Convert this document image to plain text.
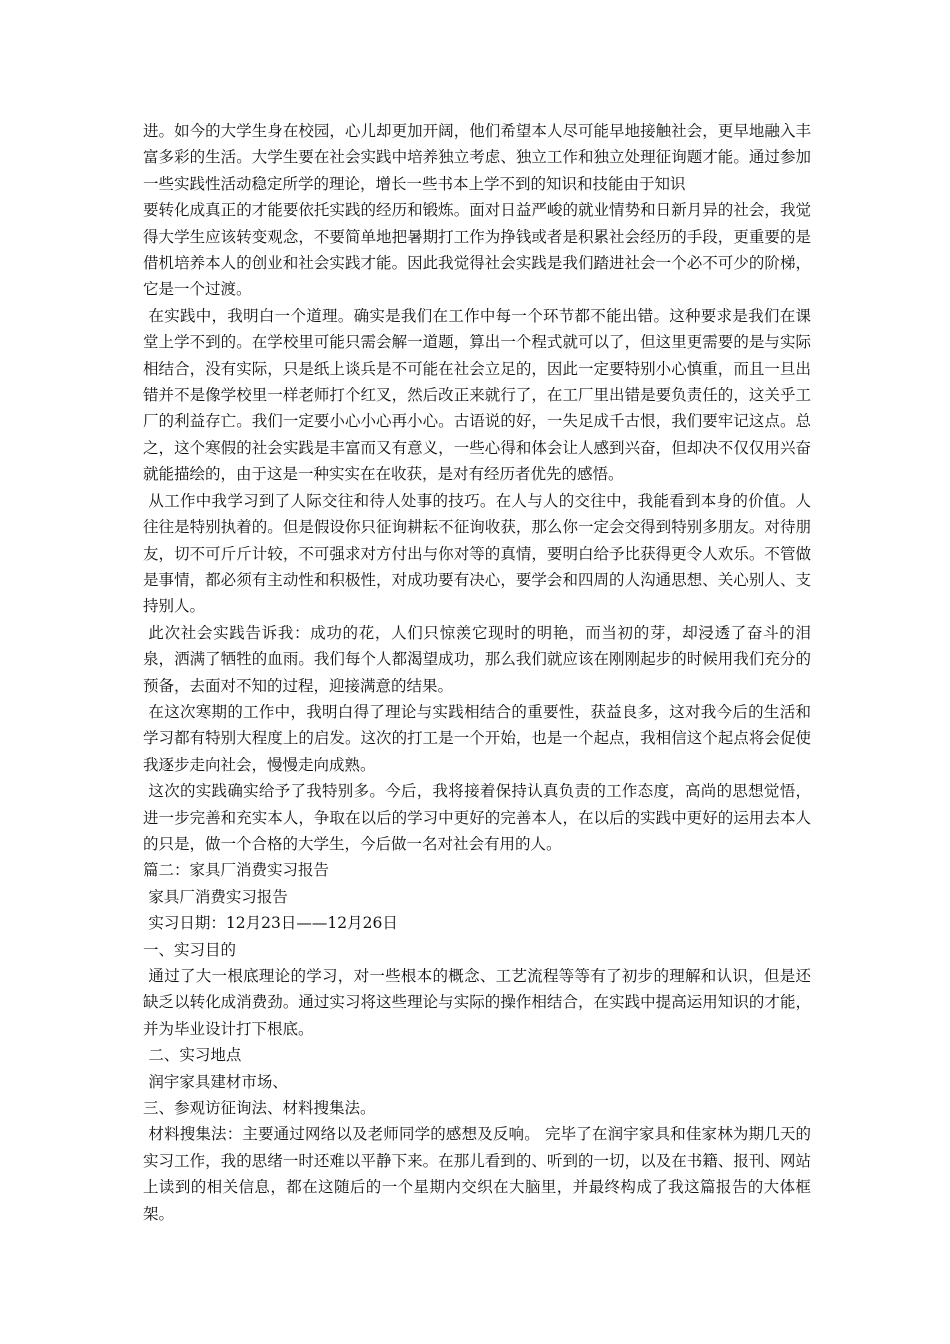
进。如今的大学生身在校园，心儿却更加开阔，他们希望本人尽可能早地接触社会，更早地融入丰富多彩的生活。大学生要在社会实践中培养独立考虑、独立工作和独立处理征询题才能。通过参加一些实践性活动稳定所学的理论，增长一些书本上学不到的知识和技能由于知识

要转化成真正的才能要依托实践的经历和锻炼。面对日益严峻的就业情势和日新月异的社会，我觉得大学生应该转变观念，不要简单地把暑期打工作为挣钱或者是积累社会经历的手段，更重要的是借机培养本人的创业和社会实践才能。因此我觉得社会实践是我们踏进社会一个必不可少的阶梯，它是一个过渡。

在实践中，我明白一个道理。确实是我们在工作中每一个环节都不能出错。这种要求是我们在课堂上学不到的。在学校里可能只需会解一道题，算出一个程式就可以了，但这里更需要的是与实际相结合，没有实际，只是纸上谈兵是不可能在社会立足的，因此一定要特别小心慎重，而且一旦出错并不是像学校里一样老师打个红叉，然后改正来就行了，在工厂里出错是要负责任的，这关乎工厂的利益存亡。我们一定要小心小心再小心。古语说的好，一失足成千古恨，我们要牢记这点。总之，这个寒假的社会实践是丰富而又有意义，一些心得和体会让人感到兴奋，但却决不仅仅用兴奋就能描绘的，由于这是一种实实在在收获，是对有经历者优先的感悟。

从工作中我学习到了人际交往和待人处事的技巧。在人与人的交往中，我能看到本身的价值。人往往是特别执着的。但是假设你只征询耕耘不征询收获，那么你一定会交得到特别多朋友。对待朋友，切不可斤斤计较，不可强求对方付出与你对等的真情，要明白给予比获得更令人欢乐。不管做是事情，都必须有主动性和积极性，对成功要有决心，要学会和四周的人沟通思想、关心别人、支持别人。

此次社会实践告诉我：成功的花，人们只惊羡它现时的明艳，而当初的芽，却浸透了奋斗的泪泉，洒满了牺牲的血雨。我们每个人都渴望成功，那么我们就应该在刚刚起步的时候用我们充分的预备，去面对不知的过程，迎接满意的结果。

在这次寒期的工作中，我明白得了理论与实践相结合的重要性，获益良多，这对我今后的生活和学习都有特别大程度上的启发。这次的打工是一个开始，也是一个起点，我相信这个起点将会促使我逐步走向社会，慢慢走向成熟。

这次的实践确实给予了我特别多。今后，我将接着保持认真负责的工作态度，高尚的思想觉悟，进一步完善和充实本人，争取在以后的学习中更好的完善本人，在以后的实践中更好的运用去本人的只是，做一个合格的大学生，今后做一名对社会有用的人。

篇二：家具厂消费实习报告

家具厂消费实习报告

实习日期：12月23日——12月26日

一、实习目的

通过了大一根底理论的学习，对一些根本的概念、工艺流程等等有了初步的理解和认识，但是还缺乏以转化成消费劲。通过实习将这些理论与实际的操作相结合，在实践中提高运用知识的才能，并为毕业设计打下根底。

二、实习地点

润宇家具建材市场、

三、参观访征询法、材料搜集法。

材料搜集法：主要通过网络以及老师同学的感想及反响。 完毕了在润宇家具和佳家林为期几天的实习工作，我的思绪一时还难以平静下来。在那儿看到的、听到的一切，以及在书籍、报刊、网站上读到的相关信息，都在这随后的一个星期内交织在大脑里，并最终构成了我这篇报告的大体框架。
